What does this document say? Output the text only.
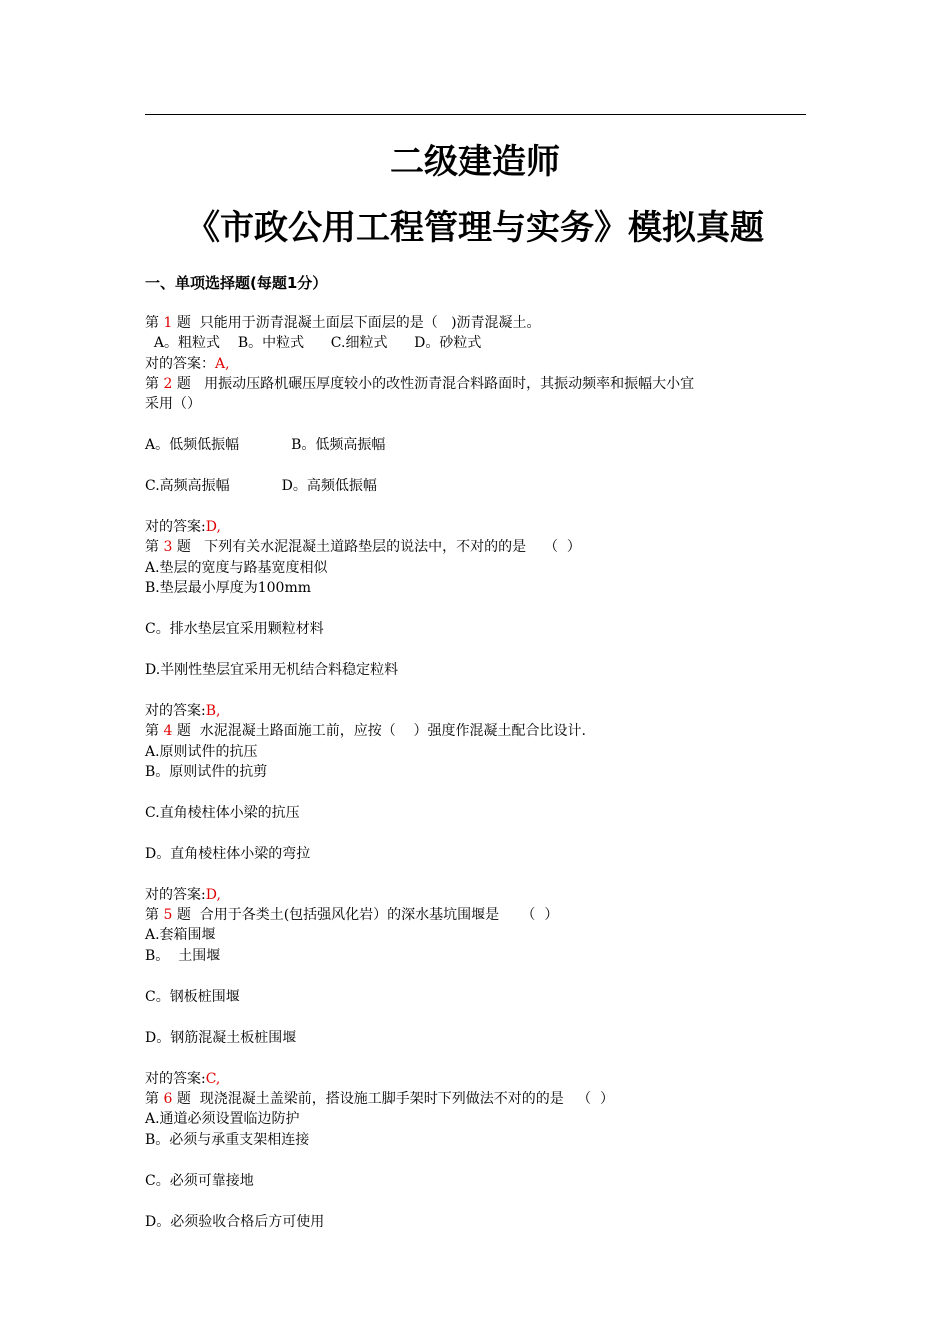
二级建造师
《市政公用工程管理与实务》模拟真题
一、单项选择题(每题1分）

第 1 题  只能用于沥青混凝土面层下面层的是（   )沥青混凝土。

A。粗粒式    B。中粒式      C.细粒式      D。砂粒式

对的答案：A,

第 2 题   用振动压路机碾压厚度较小的改性沥青混合料路面时，其振动频率和振幅大小宜

采用（）

A。低频低振幅	B。低频高振幅

C.高频高振幅	D。高频低振幅

对的答案:D,

第 3 题   下列有关水泥混凝土道路垫层的说法中，不对的的是    （  ）

A.垫层的宽度与路基宽度相似

B.垫层最小厚度为100mm

C。排水垫层宜采用颗粒材料

D.半刚性垫层宜采用无机结合料稳定粒料

对的答案:B,

第 4 题  水泥混凝土路面施工前，应按（    ）强度作混凝土配合比设计.

A.原则试件的抗压

B。原则试件的抗剪

C.直角棱柱体小梁的抗压

D。直角棱柱体小梁的弯拉

对的答案:D,

第 5 题  合用于各类土(包括强风化岩）的深水基坑围堰是     （  ）

A.套箱围堰

B。  土围堰

C。钢板桩围堰

D。钢筋混凝土板桩围堰

对的答案:C,

第 6 题  现浇混凝土盖梁前，搭设施工脚手架时下列做法不对的的是   （  ）

A.通道必须设置临边防护

B。必须与承重支架相连接

C。必须可靠接地

D。必须验收合格后方可使用
